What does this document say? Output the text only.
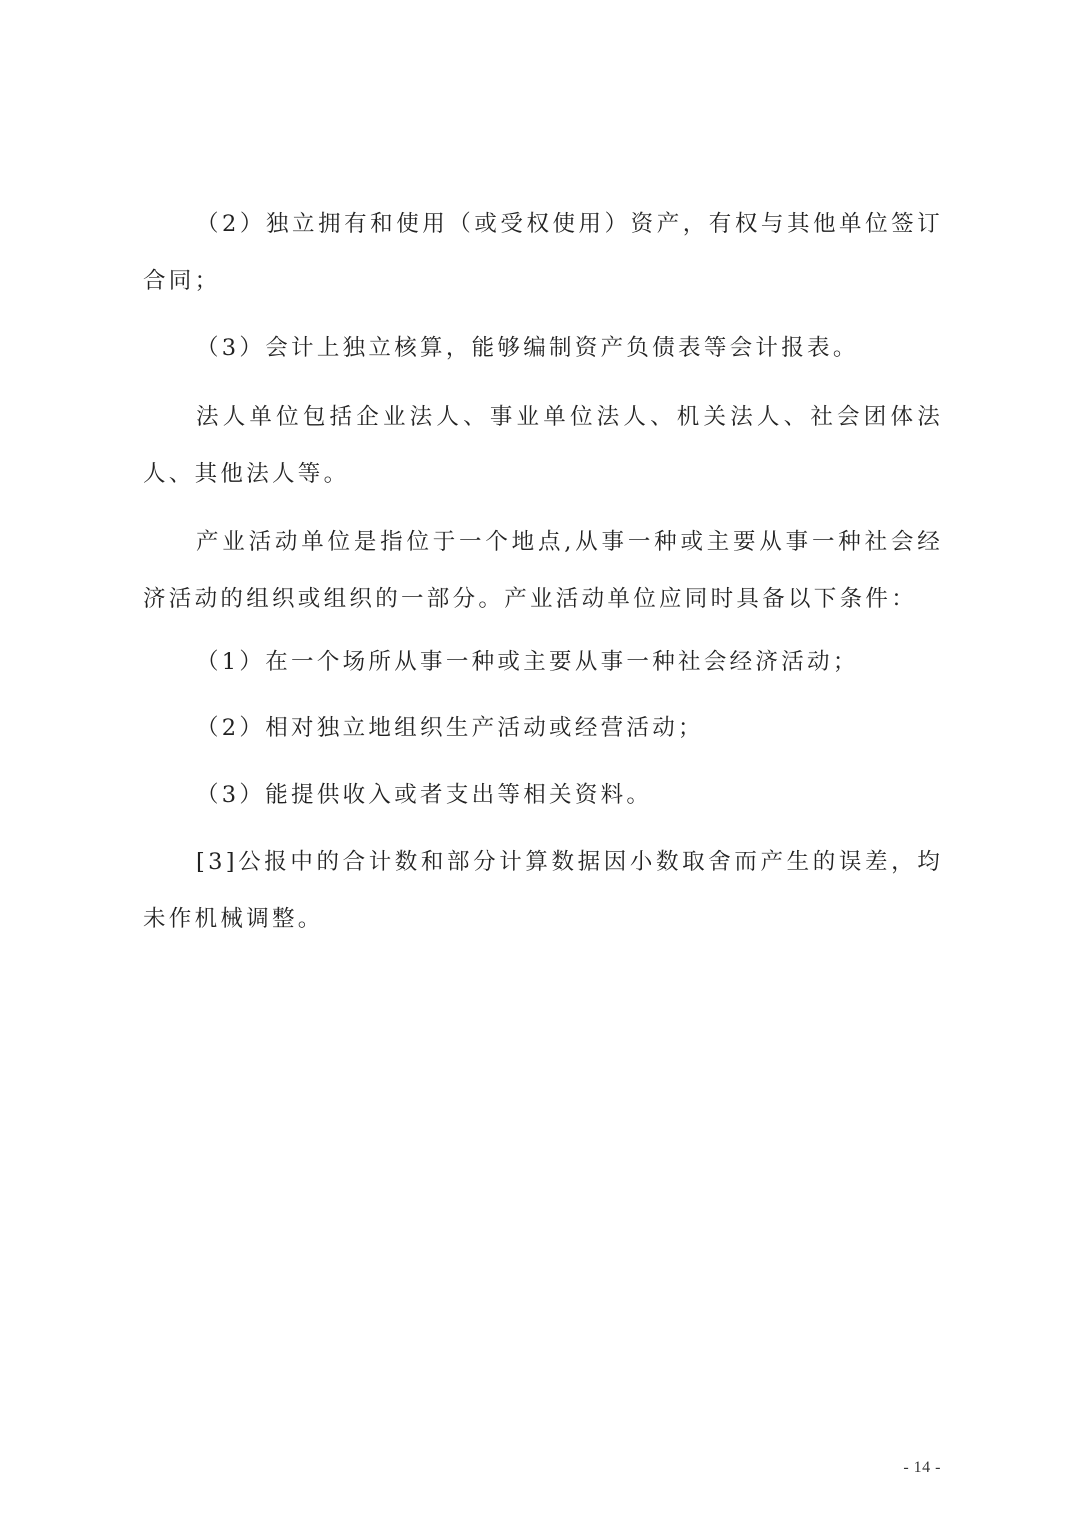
（2）独立拥有和使用（或受权使用）资产，有权与其他单位签订合同；

（3）会计上独立核算，能够编制资产负债表等会计报表。

法人单位包括企业法人、事业单位法人、机关法人、社会团体法人、其他法人等。

产业活动单位是指位于一个地点,从事一种或主要从事一种社会经济活动的组织或组织的一部分。产业活动单位应同时具备以下条件：

（1）在一个场所从事一种或主要从事一种社会经济活动；

（2）相对独立地组织生产活动或经营活动；

（3）能提供收入或者支出等相关资料。

[3]公报中的合计数和部分计算数据因小数取舍而产生的误差，均未作机械调整。

- 14 -
